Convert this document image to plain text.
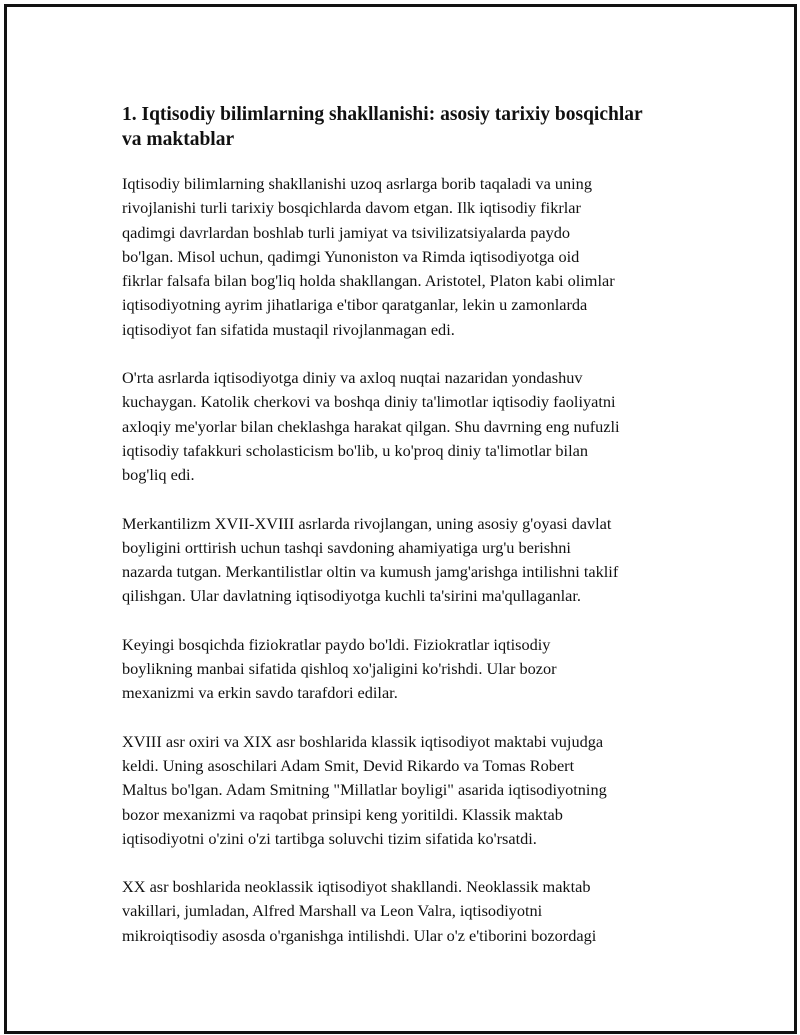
1. Iqtisodiy bilimlarning shakllanishi: asosiy tarixiy bosqichlar
va maktablar

Iqtisodiy bilimlarning shakllanishi uzoq asrlarga borib taqaladi va uning
rivojlanishi turli tarixiy bosqichlarda davom etgan. Ilk iqtisodiy fikrlar
qadimgi davrlardan boshlab turli jamiyat va tsivilizatsiyalarda paydo
bo'lgan. Misol uchun, qadimgi Yunoniston va Rimda iqtisodiyotga oid
fikrlar falsafa bilan bog'liq holda shakllangan. Aristotel, Platon kabi olimlar
iqtisodiyotning ayrim jihatlariga e'tibor qaratganlar, lekin u zamonlarda
iqtisodiyot fan sifatida mustaqil rivojlanmagan edi.

O'rta asrlarda iqtisodiyotga diniy va axloq nuqtai nazaridan yondashuv
kuchaygan. Katolik cherkovi va boshqa diniy ta'limotlar iqtisodiy faoliyatni
axloqiy me'yorlar bilan cheklashga harakat qilgan. Shu davrning eng nufuzli
iqtisodiy tafakkuri scholasticism bo'lib, u ko'proq diniy ta'limotlar bilan
bog'liq edi.

Merkantilizm XVII-XVIII asrlarda rivojlangan, uning asosiy g'oyasi davlat
boyligini orttirish uchun tashqi savdoning ahamiyatiga urg'u berishni
nazarda tutgan. Merkantilistlar oltin va kumush jamg'arishga intilishni taklif
qilishgan. Ular davlatning iqtisodiyotga kuchli ta'sirini ma'qullaganlar.

Keyingi bosqichda fiziokratlar paydo bo'ldi. Fiziokratlar iqtisodiy
boylikning manbai sifatida qishloq xo'jaligini ko'rishdi. Ular bozor
mexanizmi va erkin savdo tarafdori edilar.

XVIII asr oxiri va XIX asr boshlarida klassik iqtisodiyot maktabi vujudga
keldi. Uning asoschilari Adam Smit, Devid Rikardo va Tomas Robert
Maltus bo'lgan. Adam Smitning "Millatlar boyligi" asarida iqtisodiyotning
bozor mexanizmi va raqobat prinsipi keng yoritildi. Klassik maktab
iqtisodiyotni o'zini o'zi tartibga soluvchi tizim sifatida ko'rsatdi.

XX asr boshlarida neoklassik iqtisodiyot shakllandi. Neoklassik maktab
vakillari, jumladan, Alfred Marshall va Leon Valra, iqtisodiyotni
mikroiqtisodiy asosda o'rganishga intilishdi. Ular o'z e'tiborini bozordagi
